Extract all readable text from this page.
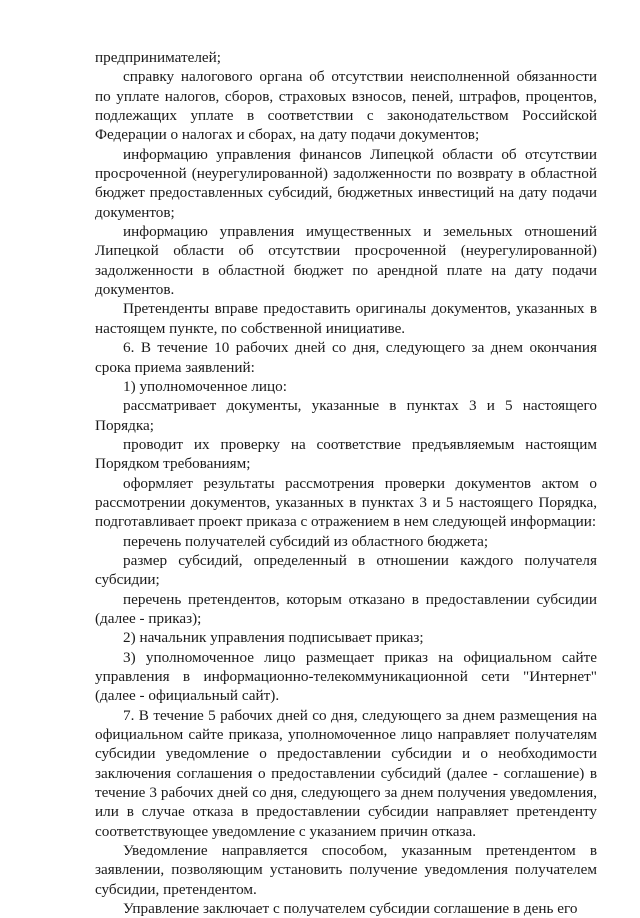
предпринимателей;

справку налогового органа об отсутствии неисполненной обязанности по уплате налогов, сборов, страховых взносов, пеней, штрафов, процентов, подлежащих уплате в соответствии с законодательством Российской Федерации о налогах и сборах, на дату подачи документов;

информацию управления финансов Липецкой области об отсутствии просроченной (неурегулированной) задолженности по возврату в областной бюджет предоставленных субсидий, бюджетных инвестиций на дату подачи документов;

информацию управления имущественных и земельных отношений Липецкой области об отсутствии просроченной (неурегулированной) задолженности в областной бюджет по арендной плате на дату подачи документов.

Претенденты вправе предоставить оригиналы документов, указанных в настоящем пункте, по собственной инициативе.

6. В течение 10 рабочих дней со дня, следующего за днем окончания срока приема заявлений:

1) уполномоченное лицо:

рассматривает документы, указанные в пунктах 3 и 5 настоящего Порядка;

проводит их проверку на соответствие предъявляемым настоящим Порядком требованиям;

оформляет результаты рассмотрения проверки документов актом о рассмотрении документов, указанных в пунктах 3 и 5 настоящего Порядка, подготавливает проект приказа с отражением в нем следующей информации:

перечень получателей субсидий из областного бюджета;

размер субсидий, определенный в отношении каждого получателя субсидии;

перечень претендентов, которым отказано в предоставлении субсидии (далее - приказ);

2) начальник управления подписывает приказ;

3) уполномоченное лицо размещает приказ на официальном сайте управления в информационно-телекоммуникационной сети "Интернет" (далее - официальный сайт).

7. В течение 5 рабочих дней со дня, следующего за днем размещения на официальном сайте приказа, уполномоченное лицо направляет получателям субсидии уведомление о предоставлении субсидии и о необходимости заключения соглашения о предоставлении субсидий (далее - соглашение) в течение 3 рабочих дней со дня, следующего за днем получения уведомления, или в случае отказа в предоставлении субсидии направляет претенденту соответствующее уведомление с указанием причин отказа.

Уведомление направляется способом, указанным претендентом в заявлении, позволяющим установить получение уведомления получателем субсидии, претендентом.

Управление заключает с получателем субсидии соглашение в день его
